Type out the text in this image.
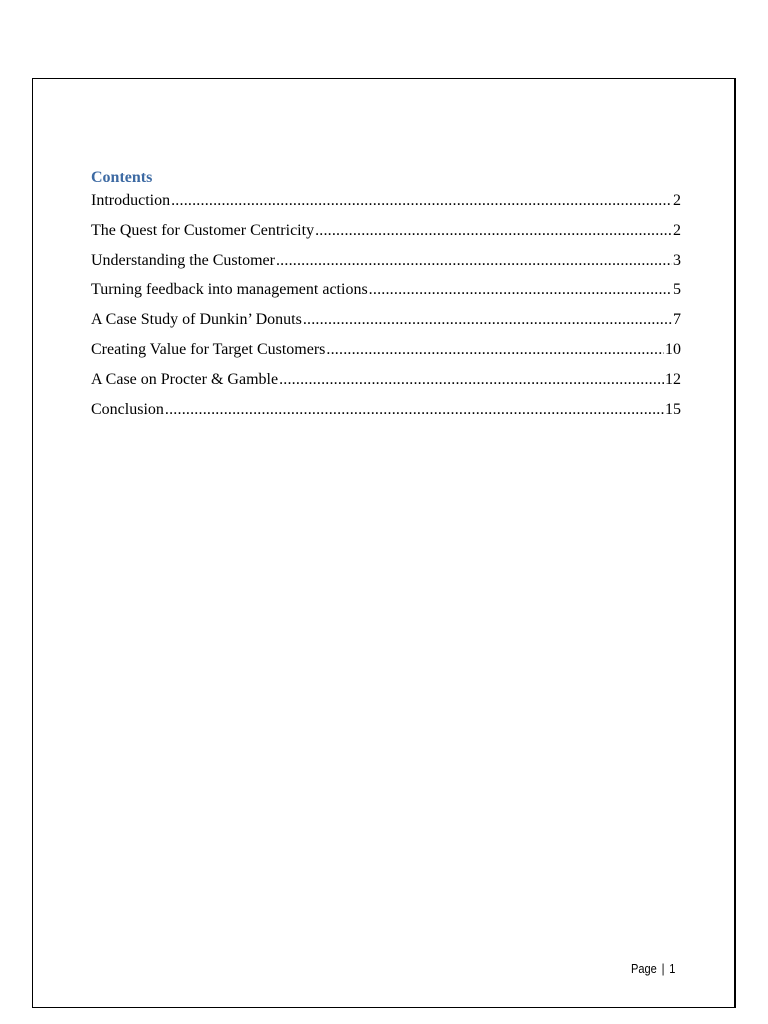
Contents
Introduction .....	2
The Quest for Customer Centricity .....	2
Understanding the Customer .....	3
Turning feedback into management actions .....	5
A Case Study of Dunkin’ Donuts .....	7
Creating Value for Target Customers .....	10
A Case on Procter & Gamble .....	12
Conclusion .....	15
Page | 1
